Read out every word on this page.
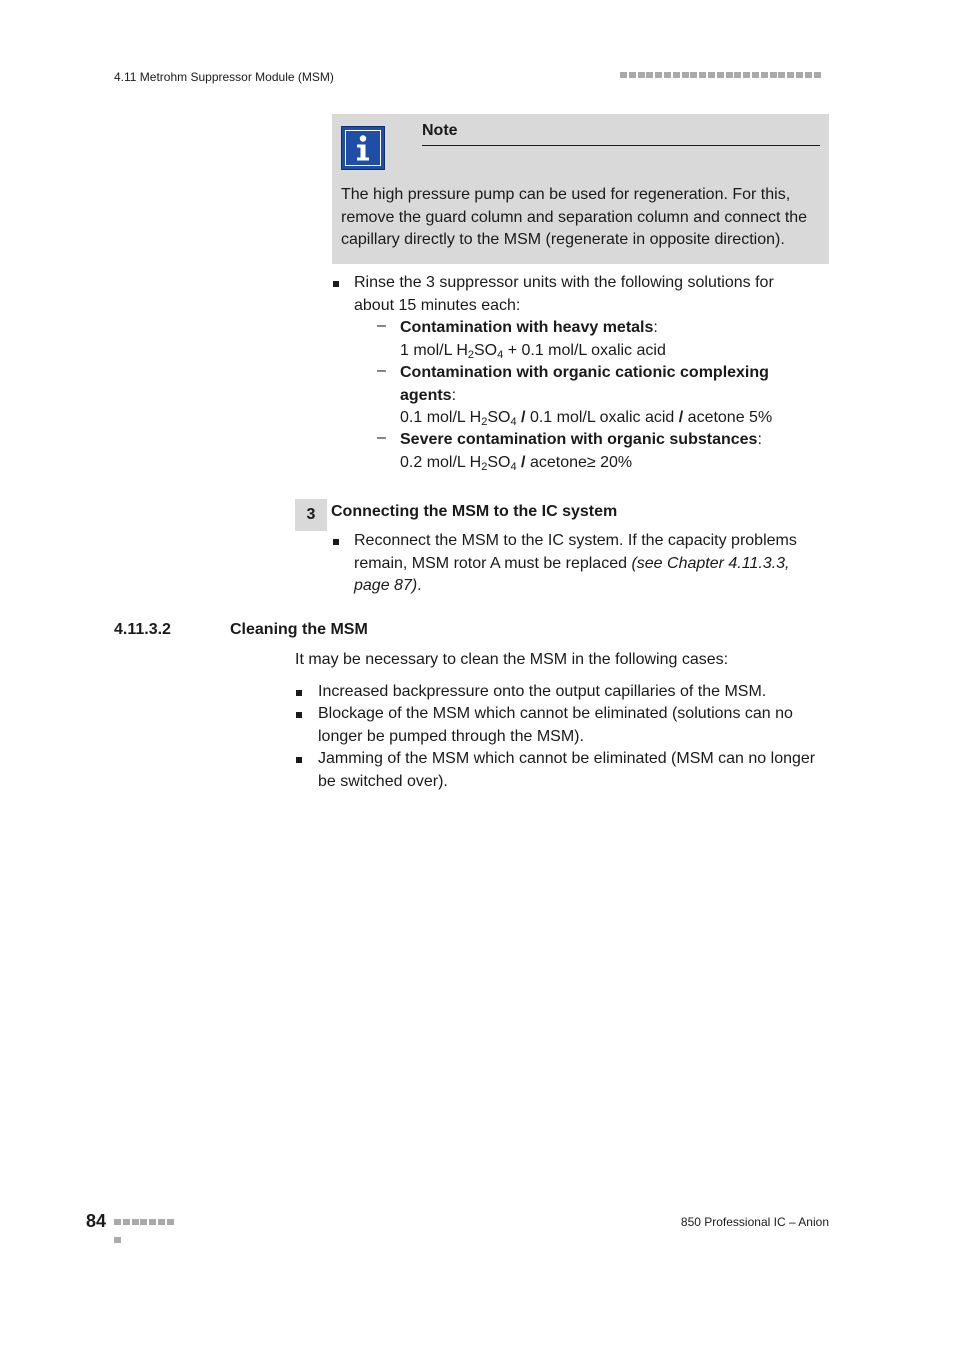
4.11 Metrohm Suppressor Module (MSM)
Note
The high pressure pump can be used for regeneration. For this,
remove the guard column and separation column and connect the
capillary directly to the MSM (regenerate in opposite direction).
Rinse the 3 suppressor units with the following solutions for
about 15 minutes each:
– Contamination with heavy metals:
1 mol/L $H_2SO_4 + 0.1$ mol/L oxalic acid
– Contamination with organic cationic complexing
agents:
0.1 mol/L $H_2SO_4 / 0.1$ mol/L oxalic acid / acetone 5%
– Severe contamination with organic substances:
0.2 mol/L $H_2SO_4$ / acetone≥ 20%
3 Connecting the MSM to the IC system
Reconnect the MSM to the IC system. If the capacity problems
remain, MSM rotor A must be replaced (see Chapter 4.11.3.3,
page 87).
4.11.3.2	Cleaning the MSM
It may be necessary to clean the MSM in the following cases:
Increased backpressure onto the output capillaries of the MSM.
Blockage of the MSM which cannot be eliminated (solutions can no
longer be pumped through the MSM).
Jamming of the MSM which cannot be eliminated (MSM can no longer
be switched over).
84	850 Professional IC – Anion
